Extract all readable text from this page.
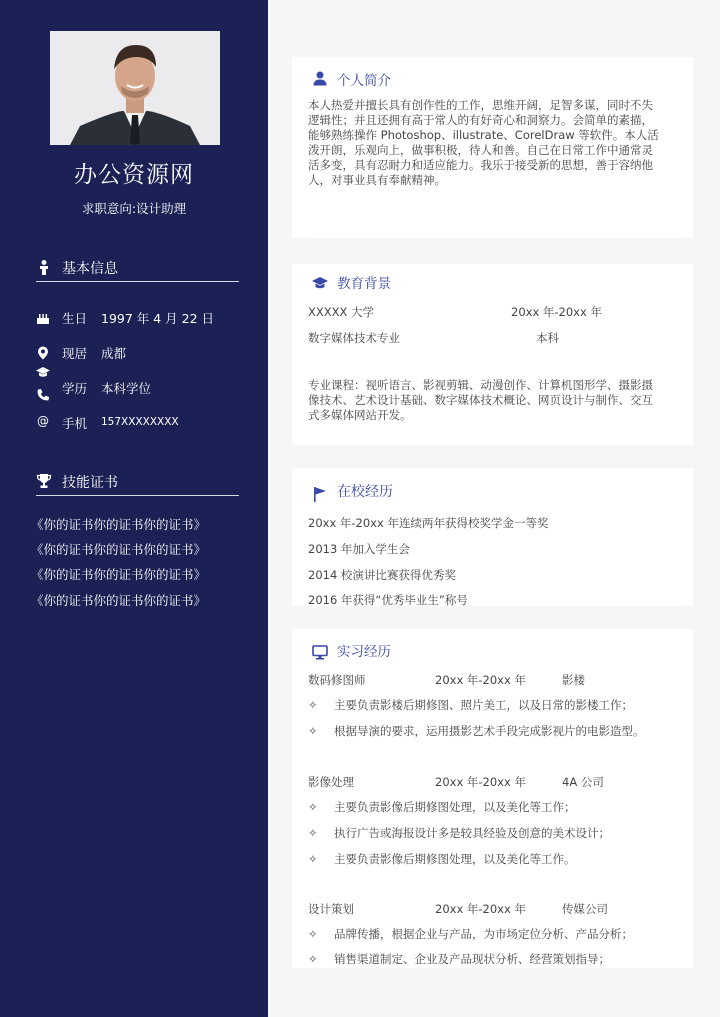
办公资源网
求职意向:设计助理
基本信息
生日 1997 年 4 月 22 日
现居 成都
学历 本科学位
@ 手机 157XXXXXXXX
技能证书
《你的证书你的证书你的证书》
《你的证书你的证书你的证书》
《你的证书你的证书你的证书》
《你的证书你的证书你的证书》
个人简介
本人热爱并擅长具有创作性的工作，思维开阔，足智多谋，同时不失
逻辑性；并且还拥有高于常人的有好奇心和洞察力。会简单的素描，
能够熟练操作 Photoshop、illustrate、CorelDraw 等软件。本人活
泼开朗，乐观向上，做事积极，待人和善。自己在日常工作中通常灵
活多变，具有忍耐力和适应能力。我乐于接受新的思想，善于容纳他
人，对事业具有奉献精神。
教育背景
XXXXX 大学	20xx 年-20xx 年
数字媒体技术专业	本科
专业课程：视听语言、影视剪辑、动漫创作、计算机图形学、摄影摄
像技术、艺术设计基础、数字媒体技术概论、网页设计与制作、交互
式多媒体网站开发。
在校经历
20xx 年-20xx 年连续两年获得校奖学金一等奖
2013 年加入学生会
2014 校演讲比赛获得优秀奖
2016 年获得“优秀毕业生”称号
实习经历
数码修图师	20xx 年-20xx 年	影楼
✧ 主要负责影楼后期修图、照片美工，以及日常的影楼工作；
✧ 根据导演的要求，运用摄影艺术手段完成影视片的电影造型。
影像处理	20xx 年-20xx 年	4A 公司
✧ 主要负责影像后期修图处理，以及美化等工作；
✧ 执行广告或海报设计多是较具经验及创意的美术设计；
✧ 主要负责影像后期修图处理，以及美化等工作。
设计策划	20xx 年-20xx 年	传媒公司
✧ 品牌传播，根据企业与产品，为市场定位分析、产品分析；
✧ 销售渠道制定、企业及产品现状分析、经营策划指导；
